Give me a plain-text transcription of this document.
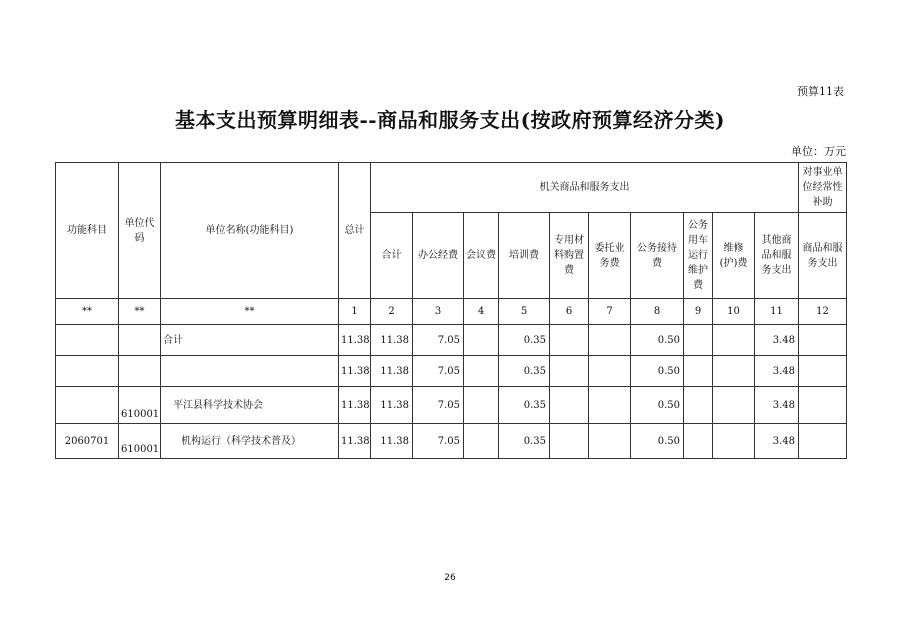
预算11表
基本支出预算明细表--商品和服务支出(按政府预算经济分类)
单位：万元
功能科目	单位代码	单位名称(功能科目)	总计	机关商品和服务支出										对事业单位经常性补助
				合计	办公经费	会议费	培训费	专用材料购置费	委托业务费	公务接待费	公务用车运行维护费	维修(护)费	其他商品和服务支出	商品和服务支出
**	**	**	1	2	3	4	5	6	7	8	9	10	11	12
		合计	11.38	11.38	7.05		0.35			0.50			3.48	
			11.38	11.38	7.05		0.35			0.50			3.48	
	610001	平江县科学技术协会	11.38	11.38	7.05		0.35			0.50			3.48	
2060701	610001	机构运行（科学技术普及）	11.38	11.38	7.05		0.35			0.50			3.48	
26
